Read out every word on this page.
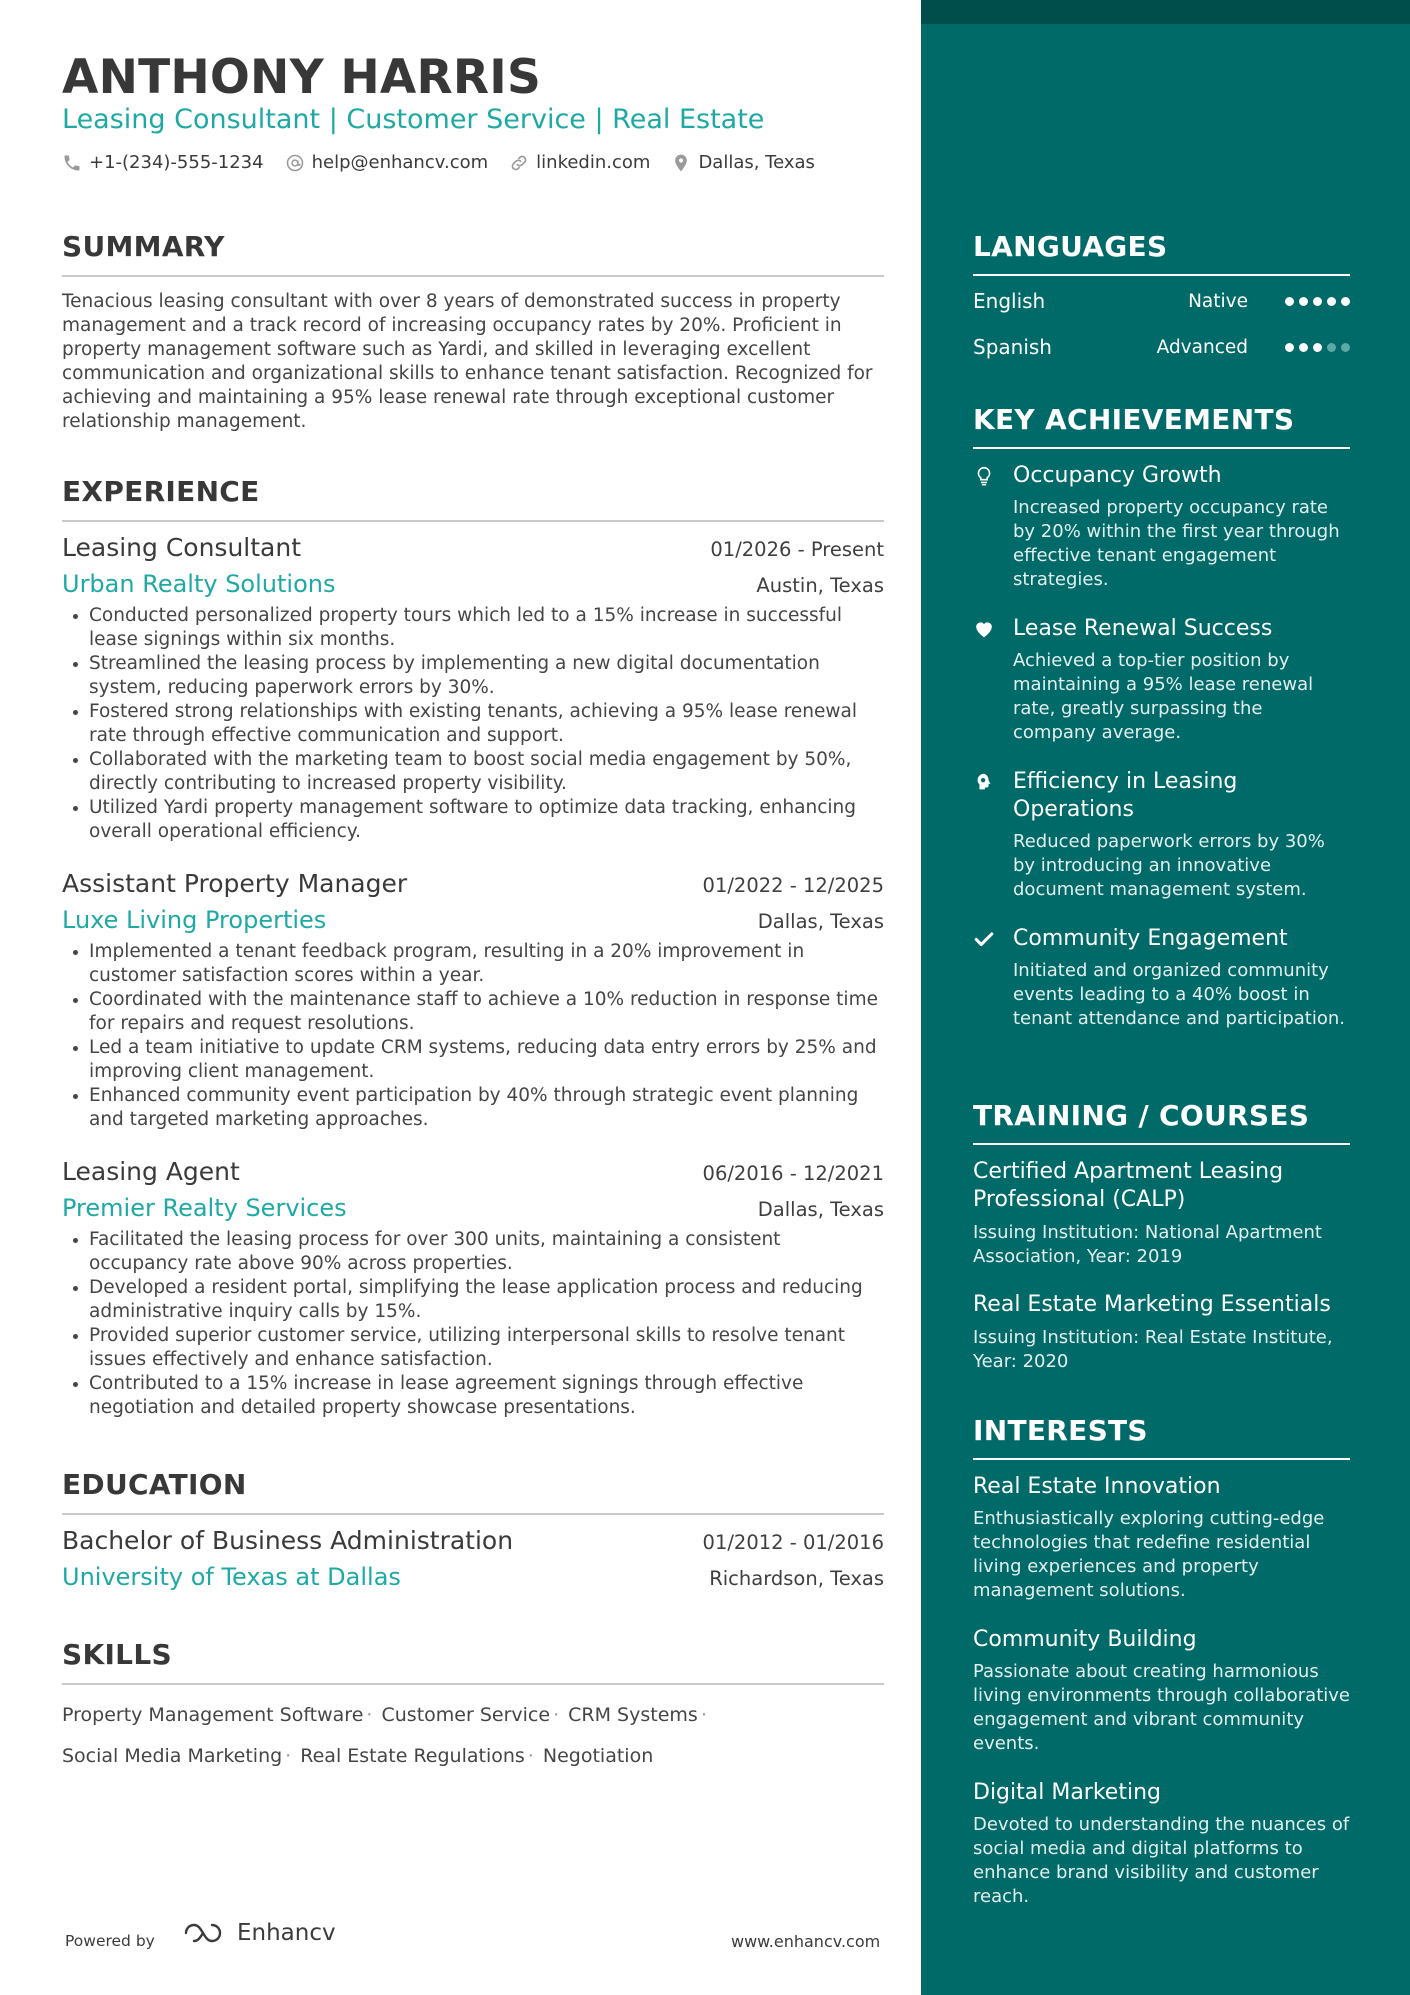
ANTHONY HARRIS
Leasing Consultant | Customer Service | Real Estate
+1-(234)-555-1234	help@enhancv.com	linkedin.com	Dallas, Texas
SUMMARY

Tenacious leasing consultant with over 8 years of demonstrated success in property management and a track record of increasing occupancy rates by 20%. Proficient in property management software such as Yardi, and skilled in leveraging excellent communication and organizational skills to enhance tenant satisfaction. Recognized for achieving and maintaining a 95% lease renewal rate through exceptional customer relationship management.

EXPERIENCE
Leasing Consultant	01/2026 - Present
Urban Realty Solutions	Austin, Texas
Conducted personalized property tours which led to a 15% increase in successful lease signings within six months.
Streamlined the leasing process by implementing a new digital documentation system, reducing paperwork errors by 30%.
Fostered strong relationships with existing tenants, achieving a 95% lease renewal rate through effective communication and support.
Collaborated with the marketing team to boost social media engagement by 50%, directly contributing to increased property visibility.
Utilized Yardi property management software to optimize data tracking, enhancing overall operational efficiency.
Assistant Property Manager	01/2022 - 12/2025
Luxe Living Properties	Dallas, Texas
Implemented a tenant feedback program, resulting in a 20% improvement in customer satisfaction scores within a year.
Coordinated with the maintenance staff to achieve a 10% reduction in response time for repairs and request resolutions.
Led a team initiative to update CRM systems, reducing data entry errors by 25% and improving client management.
Enhanced community event participation by 40% through strategic event planning and targeted marketing approaches.
Leasing Agent	06/2016 - 12/2021
Premier Realty Services	Dallas, Texas
Facilitated the leasing process for over 300 units, maintaining a consistent occupancy rate above 90% across properties.
Developed a resident portal, simplifying the lease application process and reducing administrative inquiry calls by 15%.
Provided superior customer service, utilizing interpersonal skills to resolve tenant issues effectively and enhance satisfaction.
Contributed to a 15% increase in lease agreement signings through effective negotiation and detailed property showcase presentations.
EDUCATION
Bachelor of Business Administration	01/2012 - 01/2016
University of Texas at Dallas	Richardson, Texas
SKILLS
Property Management Software · Customer Service · CRM Systems ·
Social Media Marketing · Real Estate Regulations · Negotiation
Powered by	Enhancv	www.enhancv.com
LANGUAGES
English	Native
Spanish	Advanced
KEY ACHIEVEMENTS
Occupancy Growth
Increased property occupancy rate by 20% within the first year through effective tenant engagement strategies.
Lease Renewal Success
Achieved a top-tier position by maintaining a 95% lease renewal rate, greatly surpassing the company average.
Efficiency in Leasing Operations
Reduced paperwork errors by 30% by introducing an innovative document management system.
Community Engagement
Initiated and organized community events leading to a 40% boost in tenant attendance and participation.
TRAINING / COURSES
Certified Apartment Leasing Professional (CALP)
Issuing Institution: National Apartment Association, Year: 2019
Real Estate Marketing Essentials
Issuing Institution: Real Estate Institute, Year: 2020
INTERESTS
Real Estate Innovation
Enthusiastically exploring cutting-edge technologies that redefine residential living experiences and property management solutions.
Community Building
Passionate about creating harmonious living environments through collaborative engagement and vibrant community events.
Digital Marketing
Devoted to understanding the nuances of social media and digital platforms to enhance brand visibility and customer reach.
